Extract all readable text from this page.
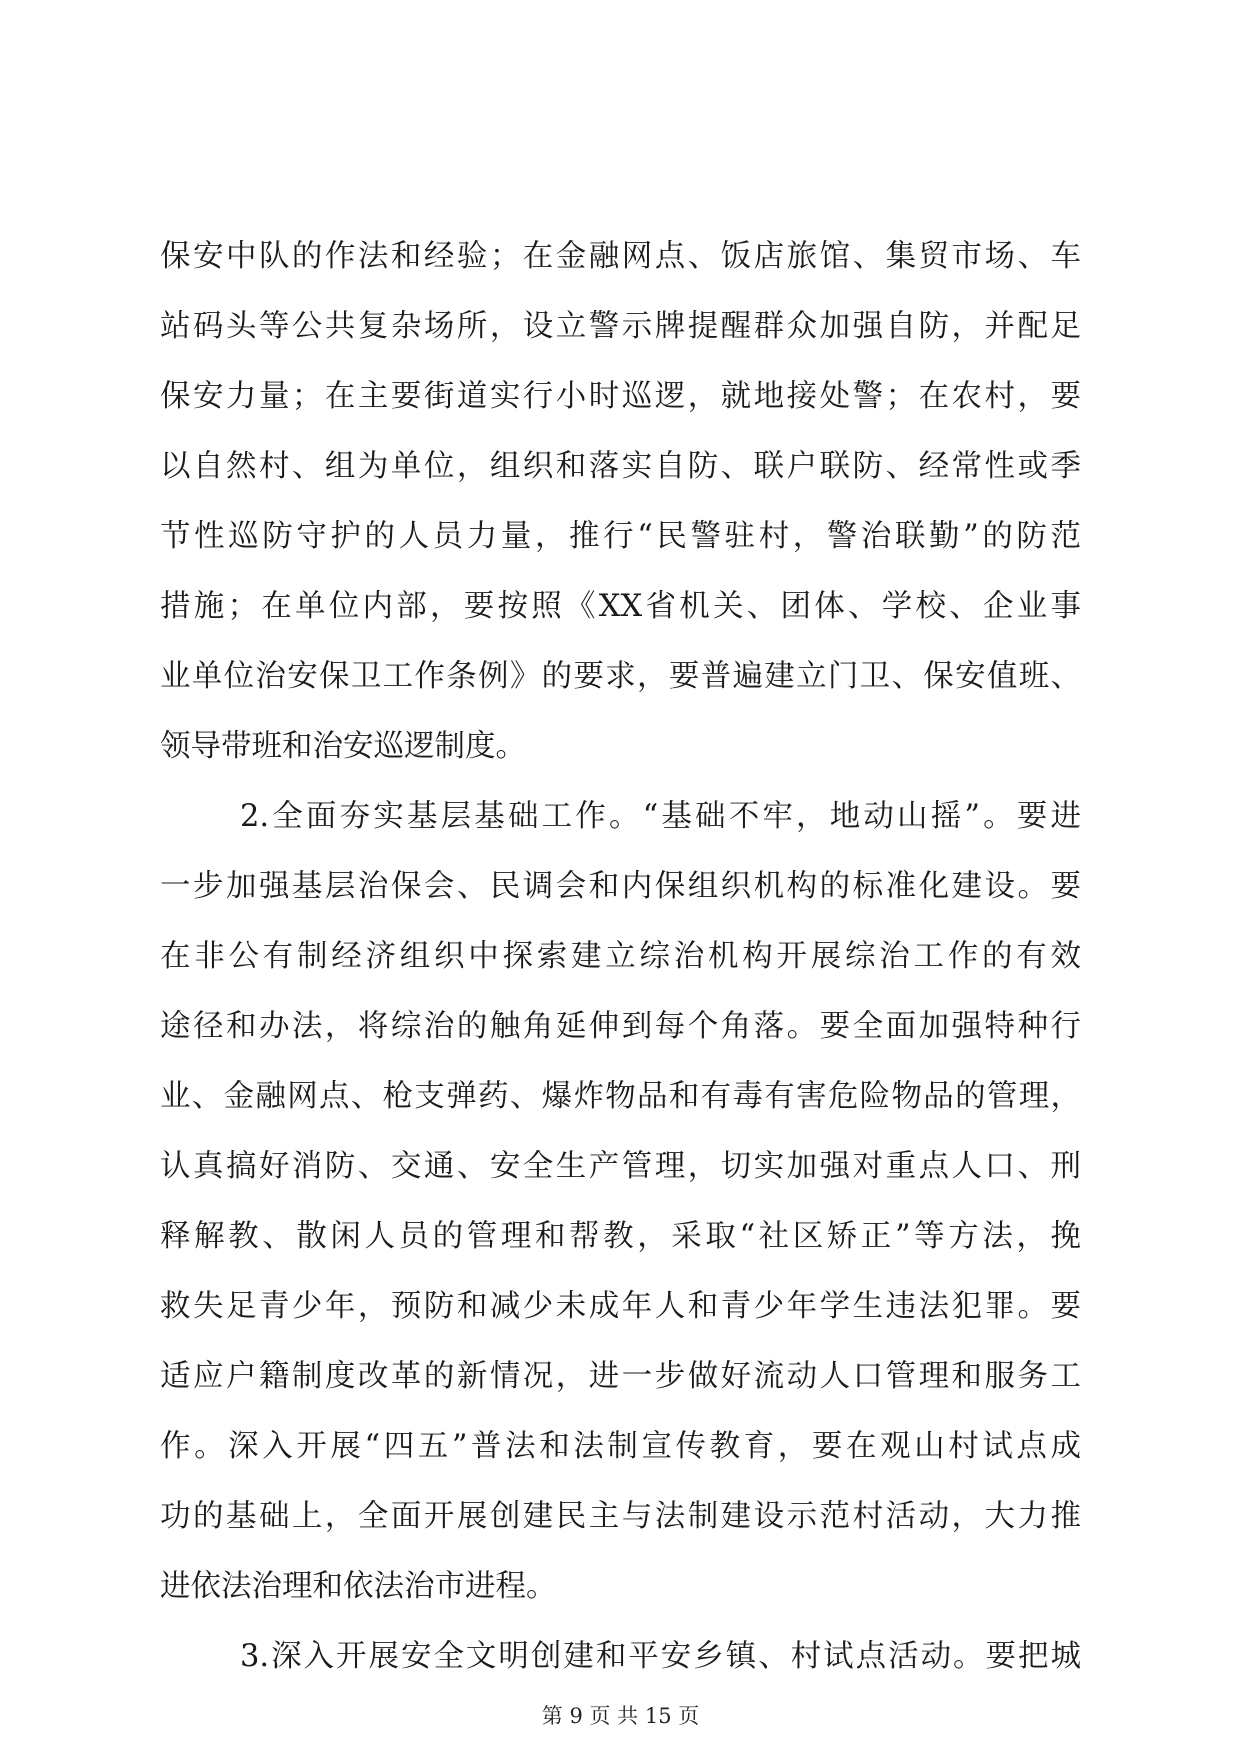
保安中队的作法和经验；在金融网点、饭店旅馆、集贸市场、车
站码头等公共复杂场所，设立警示牌提醒群众加强自防，并配足
保安力量；在主要街道实行小时巡逻，就地接处警；在农村，要
以自然村、组为单位，组织和落实自防、联户联防、经常性或季
节性巡防守护的人员力量，推行“民警驻村，警治联勤”的防范
措施；在单位内部，要按照《XX省机关、团体、学校、企业事
业单位治安保卫工作条例》的要求，要普遍建立门卫、保安值班、
领导带班和治安巡逻制度。
2.全面夯实基层基础工作。“基础不牢，地动山摇”。要进
一步加强基层治保会、民调会和内保组织机构的标准化建设。要
在非公有制经济组织中探索建立综治机构开展综治工作的有效
途径和办法，将综治的触角延伸到每个角落。要全面加强特种行
业、金融网点、枪支弹药、爆炸物品和有毒有害危险物品的管理，
认真搞好消防、交通、安全生产管理，切实加强对重点人口、刑
释解教、散闲人员的管理和帮教，采取“社区矫正”等方法，挽
救失足青少年，预防和减少未成年人和青少年学生违法犯罪。要
适应户籍制度改革的新情况，进一步做好流动人口管理和服务工
作。深入开展“四五”普法和法制宣传教育，要在观山村试点成
功的基础上，全面开展创建民主与法制建设示范村活动，大力推
进依法治理和依法治市进程。
3.深入开展安全文明创建和平安乡镇、村试点活动。要把城
第 9 页 共 15 页
